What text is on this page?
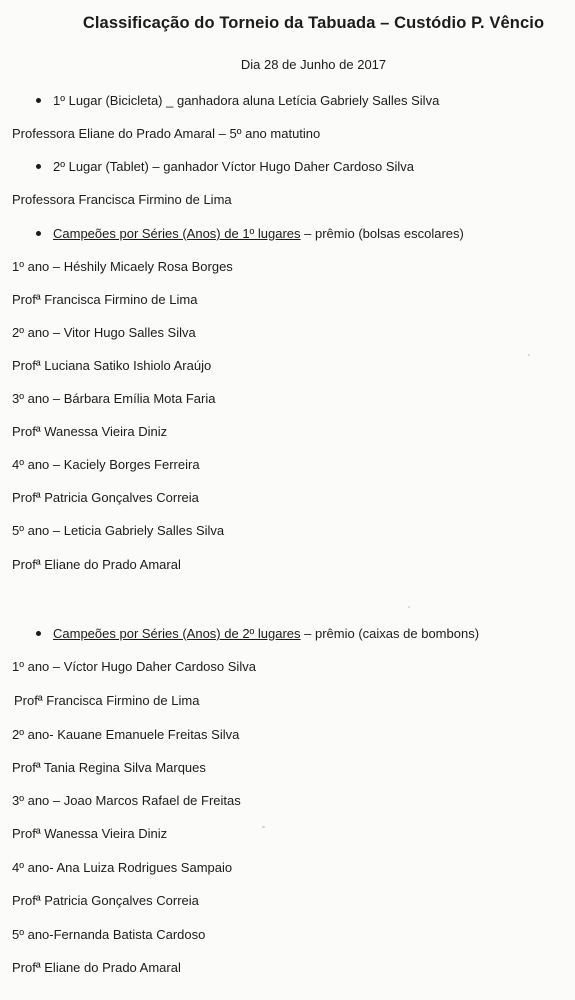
Classificação do Torneio da Tabuada – Custódio P. Vêncio
Dia 28 de Junho de 2017
1º Lugar (Bicicleta) _ ganhadora aluna Letícia Gabriely Salles Silva
Professora Eliane do Prado Amaral – 5º ano matutino
2º Lugar (Tablet) – ganhador Víctor Hugo Daher Cardoso Silva
Professora Francisca Firmino de Lima
Campeões por Séries (Anos) de 1º lugares – prêmio (bolsas escolares)
1º ano – Héshily Micaely Rosa Borges
Profª Francisca Firmino de Lima
2º ano – Vitor Hugo Salles Silva
Profª Luciana Satiko Ishiolo Araújo
3º ano – Bárbara Emília Mota Faria
Profª Wanessa Vieira Diniz
4º ano – Kaciely Borges Ferreira
Profª Patricia Gonçalves Correia
5º ano – Leticia Gabriely Salles Silva
Profª Eliane do Prado Amaral
Campeões por Séries (Anos) de 2º lugares – prêmio (caixas de bombons)
1º ano – Víctor Hugo Daher Cardoso Silva
Profª Francisca Firmino de Lima
2º ano- Kauane Emanuele Freitas Silva
Profª Tania Regina Silva Marques
3º ano – Joao Marcos Rafael de Freitas
Profª Wanessa Vieira Diniz
4º ano- Ana Luiza Rodrigues Sampaio
Profª Patricia Gonçalves Correia
5º ano-Fernanda Batista Cardoso
Profª Eliane do Prado Amaral
